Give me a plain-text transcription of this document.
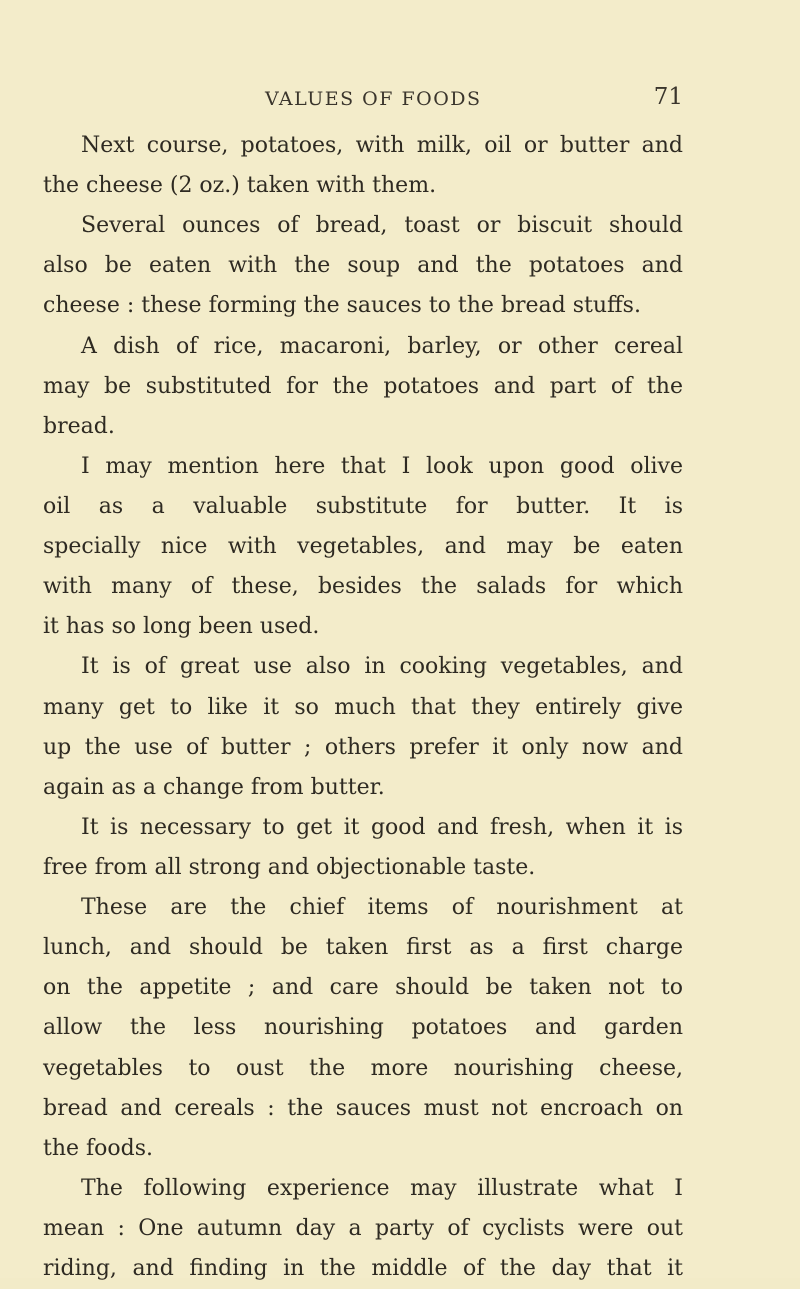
VALUES OF FOODS	71
Next course, potatoes, with milk, oil or butter and
the cheese (2 oz.) taken with them.
Several ounces of bread, toast or biscuit should
also be eaten with the soup and the potatoes and
cheese : these forming the sauces to the bread stuffs.
A dish of rice, macaroni, barley, or other cereal
may be substituted for the potatoes and part of the
bread.
I may mention here that I look upon good olive
oil as a valuable substitute for butter. It is
specially nice with vegetables, and may be eaten
with many of these, besides the salads for which
it has so long been used.
It is of great use also in cooking vegetables, and
many get to like it so much that they entirely give
up the use of butter ; others prefer it only now and
again as a change from butter.
It is necessary to get it good and fresh, when it is
free from all strong and objectionable taste.
These are the chief items of nourishment at
lunch, and should be taken first as a first charge
on the appetite ; and care should be taken not to
allow the less nourishing potatoes and garden
vegetables to oust the more nourishing cheese,
bread and cereals : the sauces must not encroach on
the foods.
The following experience may illustrate what I
mean : One autumn day a party of cyclists were out
riding, and finding in the middle of the day that it
